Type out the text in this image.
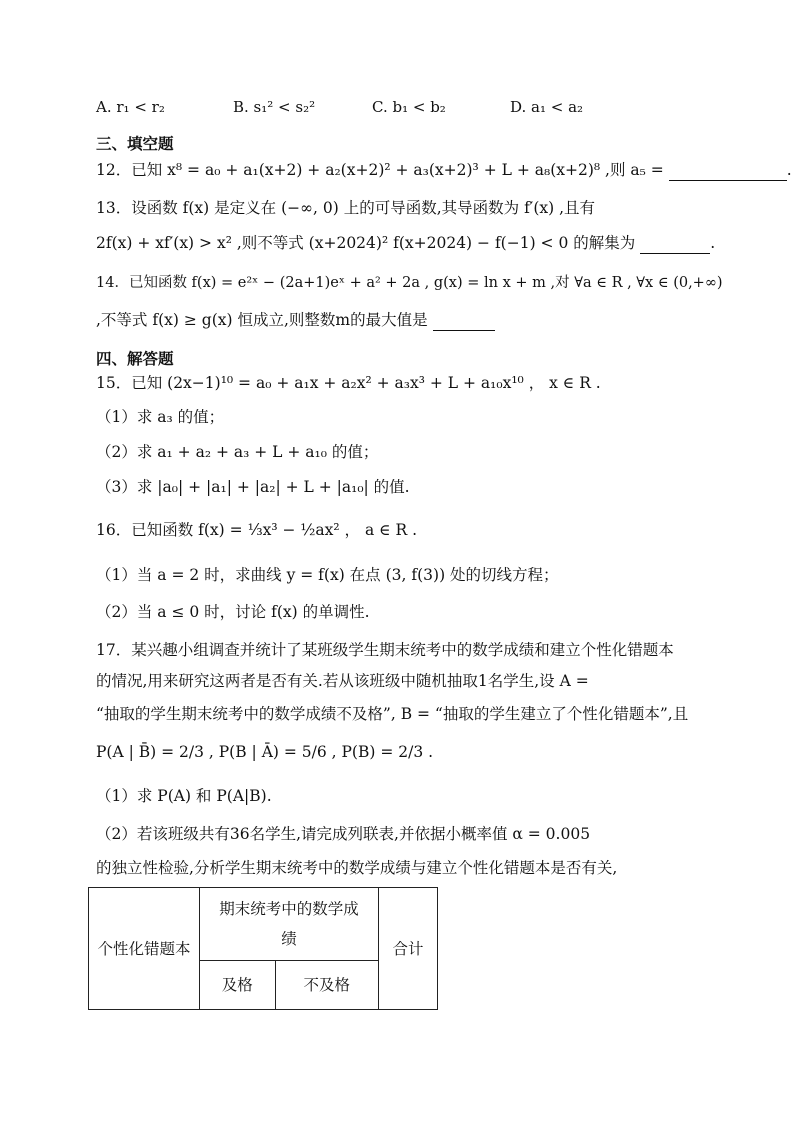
A. r₁ < r₂	B. s₁² < s₂²	C. b₁ < b₂	D. a₁ < a₂
三、填空题
12．已知 x⁸ = a₀ + a₁(x+2) + a₂(x+2)² + a₃(x+2)³ + L + a₈(x+2)⁸ ,则 a₅ =	.
13．设函数 f(x) 是定义在 (−∞, 0) 上的可导函数,其导函数为 f′(x) ,且有
2f(x) + xf′(x) > x² ,则不等式 (x+2024)² f(x+2024) − f(−1) < 0 的解集为	.
14．已知函数 f(x) = e²ˣ − (2a+1)eˣ + a² + 2a , g(x) = ln x + m ,对 ∀a ∈ R , ∀x ∈ (0,+∞)
,不等式 f(x) ≥ g(x) 恒成立,则整数m的最大值是
四、解答题
15．已知 (2x−1)¹⁰ = a₀ + a₁x + a₂x² + a₃x³ + L + a₁₀x¹⁰ ， x ∈ R .
（1）求 a₃ 的值；
（2）求 a₁ + a₂ + a₃ + L + a₁₀ 的值；
（3）求 |a₀| + |a₁| + |a₂| + L + |a₁₀| 的值.
16．已知函数 f(x) = ⅓x³ − ½ax² ， a ∈ R .
（1）当 a = 2 时，求曲线 y = f(x) 在点 (3, f(3)) 处的切线方程；
（2）当 a ≤ 0 时，讨论 f(x) 的单调性.
17．某兴趣小组调查并统计了某班级学生期末统考中的数学成绩和建立个性化错题本
的情况,用来研究这两者是否有关.若从该班级中随机抽取1名学生,设 A =
“抽取的学生期末统考中的数学成绩不及格”, B = “抽取的学生建立了个性化错题本”,且
P(A | B̄) = 2/3 , P(B | Ā) = 5/6 , P(B) = 2/3 .
（1）求 P(A) 和 P(A|B).
（2）若该班级共有36名学生,请完成列联表,并依据小概率值 α = 0.005
的独立性检验,分析学生期末统考中的数学成绩与建立个性化错题本是否有关,
个性化错题本	期末统考中的数学成绩		合计
	及格	不及格	
